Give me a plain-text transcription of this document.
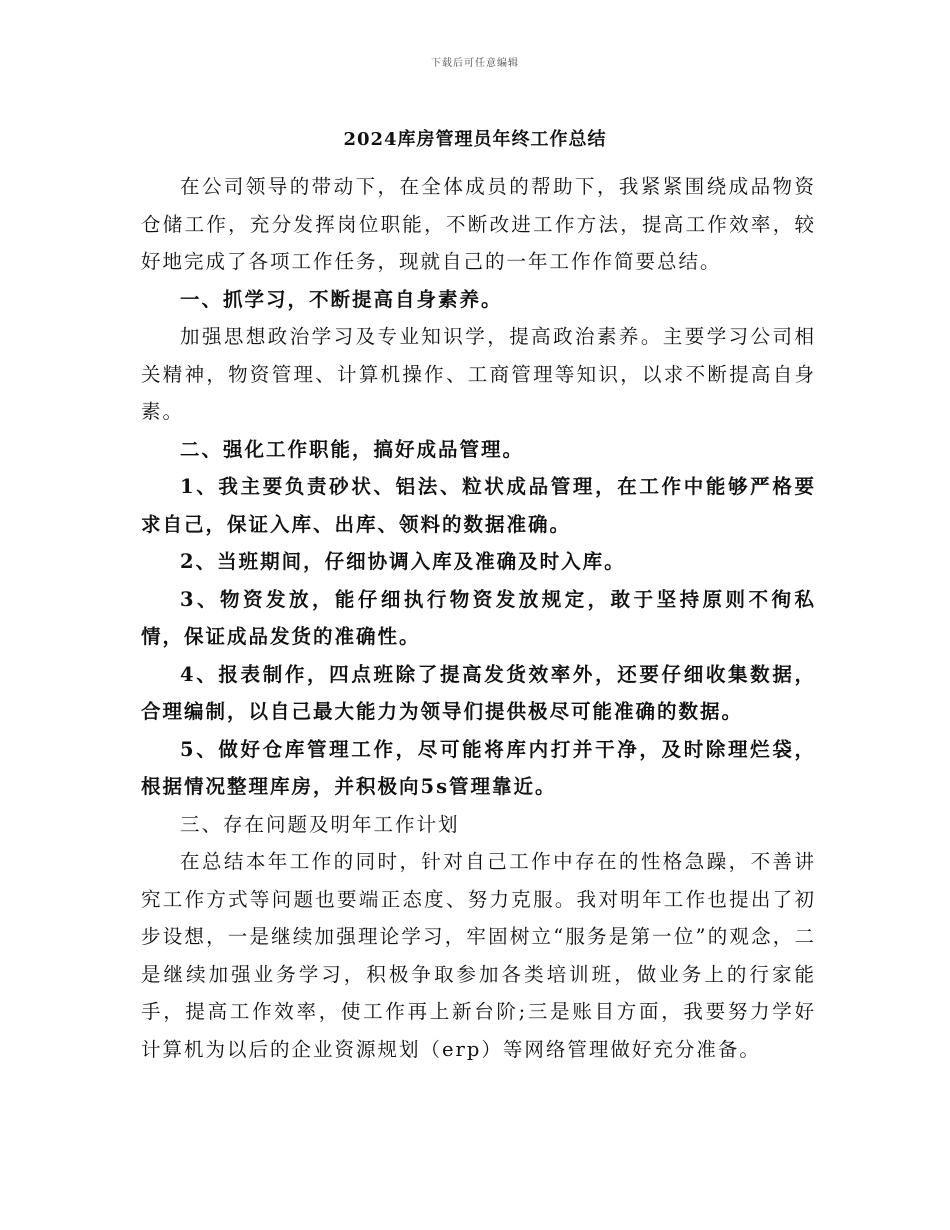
下载后可任意编辑
2024库房管理员年终工作总结

在公司领导的带动下，在全体成员的帮助下，我紧紧围绕成品物资仓储工作，充分发挥岗位职能，不断改进工作方法，提高工作效率，较好地完成了各项工作任务，现就自己的一年工作作简要总结。

一、抓学习，不断提高自身素养。

加强思想政治学习及专业知识学，提高政治素养。主要学习公司相关精神，物资管理、计算机操作、工商管理等知识，以求不断提高自身素。

二、强化工作职能，搞好成品管理。

1、我主要负责砂状、铝法、粒状成品管理，在工作中能够严格要求自己，保证入库、出库、领料的数据准确。

2、当班期间，仔细协调入库及准确及时入库。

3、物资发放，能仔细执行物资发放规定，敢于坚持原则不徇私情，保证成品发货的准确性。

4、报表制作，四点班除了提高发货效率外，还要仔细收集数据，合理编制，以自己最大能力为领导们提供极尽可能准确的数据。

5、做好仓库管理工作，尽可能将库内打并干净，及时除理烂袋，根据情况整理库房，并积极向5s管理靠近。

三、存在问题及明年工作计划

在总结本年工作的同时，针对自己工作中存在的性格急躁，不善讲究工作方式等问题也要端正态度、努力克服。我对明年工作也提出了初步设想，一是继续加强理论学习，牢固树立“服务是第一位”的观念，二是继续加强业务学习，积极争取参加各类培训班，做业务上的行家能手，提高工作效率，使工作再上新台阶;三是账目方面，我要努力学好计算机为以后的企业资源规划（erp）等网络管理做好充分准备。
